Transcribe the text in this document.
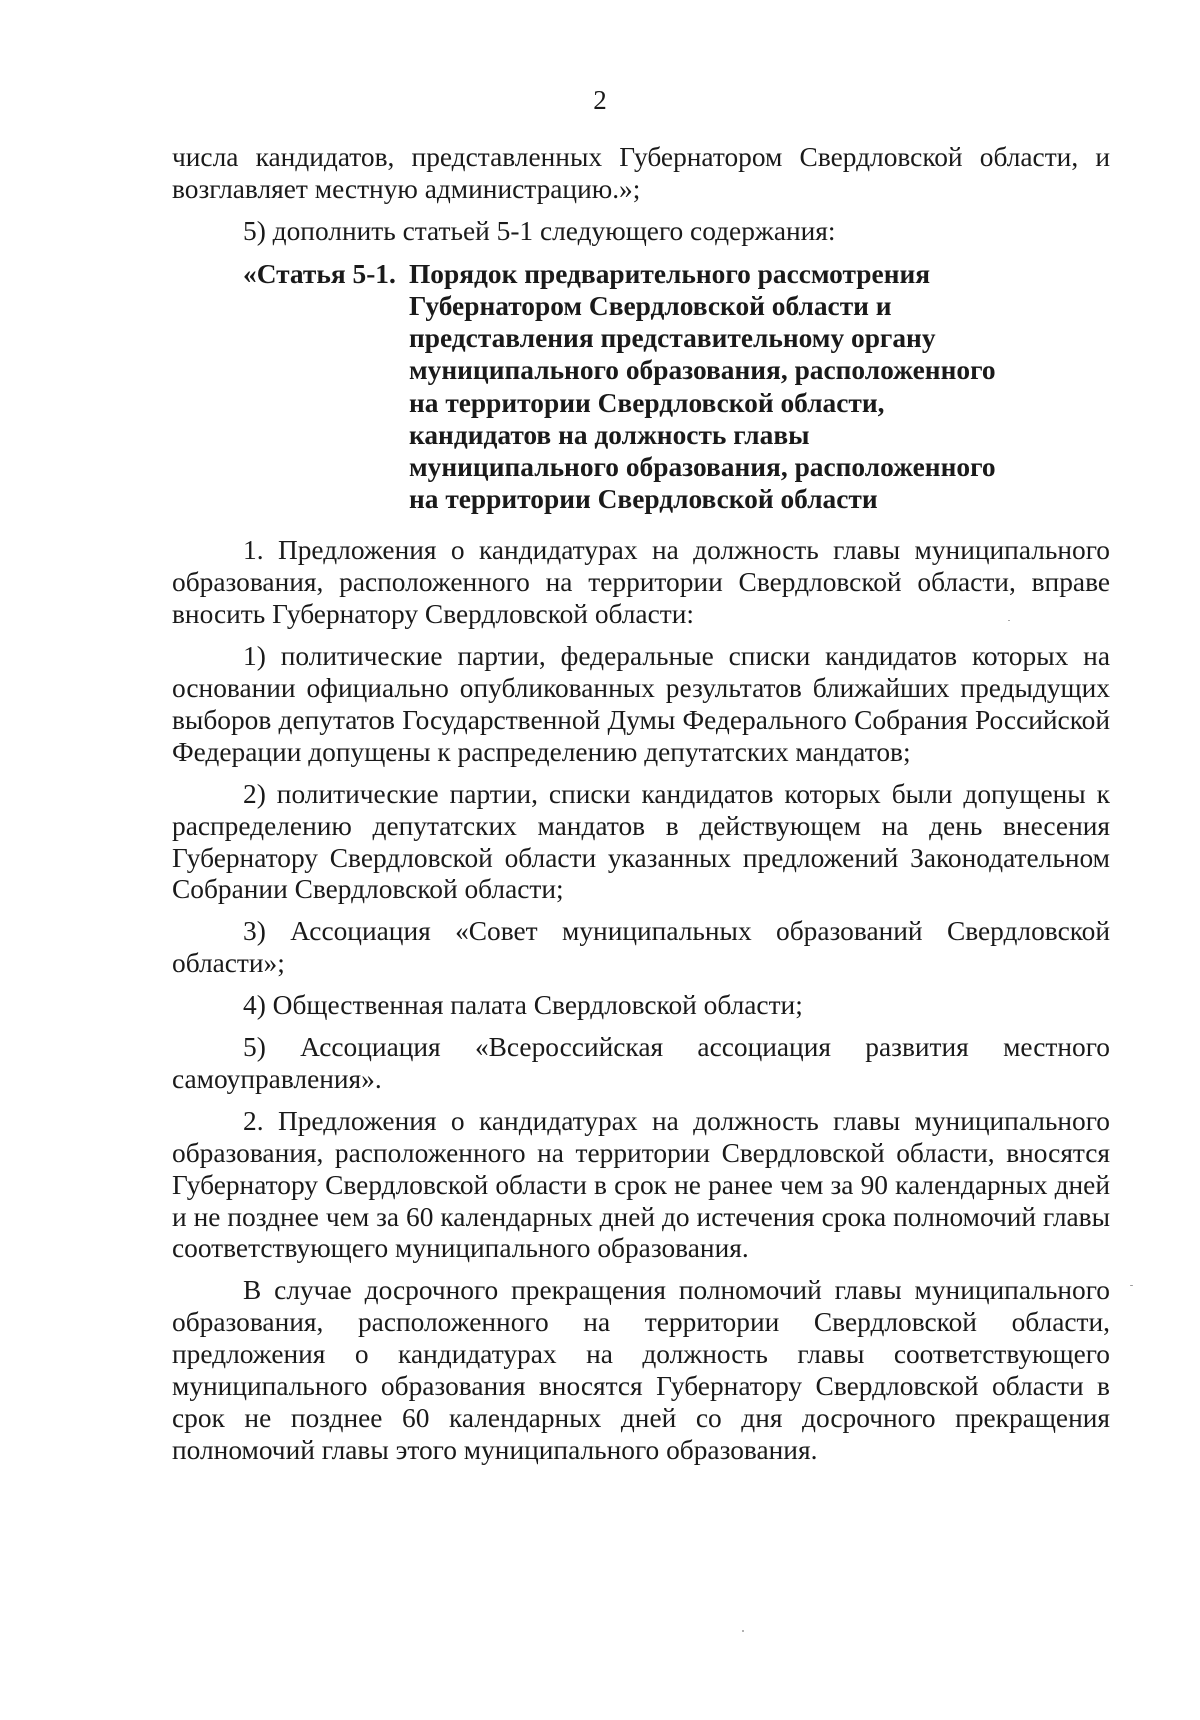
2

числа кандидатов, представленных Губернатором Свердловской области, и возглавляет местную администрацию.»;

5) дополнить статьей 5-1 следующего содержания:

«Статья 5-1. Порядок предварительного рассмотрения
Губернатором Свердловской области и
представления представительному органу
муниципального образования, расположенного
на территории Свердловской области,
кандидатов на должность главы
муниципального образования, расположенного
на территории Свердловской области

1. Предложения о кандидатурах на должность главы муниципального образования, расположенного на территории Свердловской области, вправе вносить Губернатору Свердловской области:

1) политические партии, федеральные списки кандидатов которых на основании официально опубликованных результатов ближайших предыдущих выборов депутатов Государственной Думы Федерального Собрания Российской Федерации допущены к распределению депутатских мандатов;

2) политические партии, списки кандидатов которых были допущены к распределению депутатских мандатов в действующем на день внесения Губернатору Свердловской области указанных предложений Законодательном Собрании Свердловской области;

3) Ассоциация «Совет муниципальных образований Свердловской области»;

4) Общественная палата Свердловской области;

5) Ассоциация «Всероссийская ассоциация развития местного самоуправления».

2. Предложения о кандидатурах на должность главы муниципального образования, расположенного на территории Свердловской области, вносятся Губернатору Свердловской области в срок не ранее чем за 90 календарных дней и не позднее чем за 60 календарных дней до истечения срока полномочий главы соответствующего муниципального образования.

В случае досрочного прекращения полномочий главы муниципального образования, расположенного на территории Свердловской области, предложения о кандидатурах на должность главы соответствующего муниципального образования вносятся Губернатору Свердловской области в срок не позднее 60 календарных дней со дня досрочного прекращения полномочий главы этого муниципального образования.
